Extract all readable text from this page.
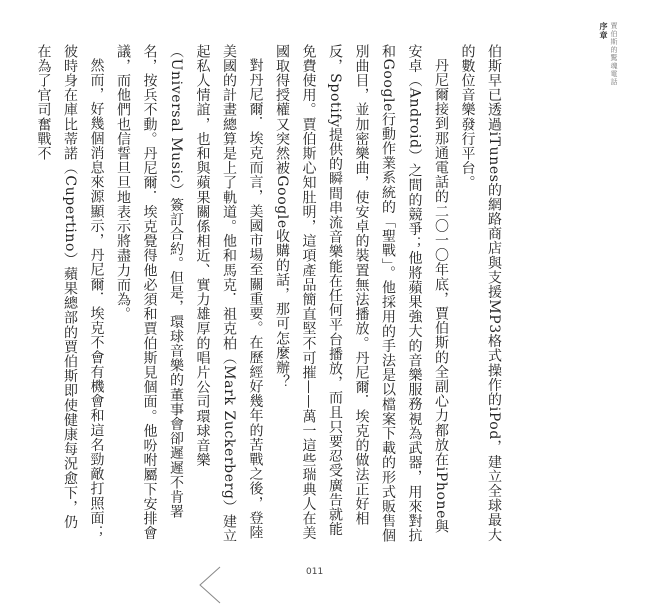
序章 賈伯斯的驚魂電話

伯斯早已透過iTunes的網路商店與支援MP3格式操作的iPod，建立全球最大的數位音樂發行平台。

丹尼爾接到那通電話的二〇一〇年底，賈伯斯的全副心力都放在iPhone與安卓（Android）之間的競爭；他將蘋果強大的音樂服務視為武器，用來對抗和Google行動作業系統的「聖戰」。他採用的手法是以檔案下載的形式販售個別曲目，並加密樂曲，使安卓的裝置無法播放。丹尼爾．埃克的做法正好相反，Spotify提供的瞬間串流音樂能在任何平台播放，而且只要忍受廣告就能免費使用。賈伯斯心知肚明，這項產品簡直堅不可摧——萬一這些瑞典人在美國取得授權又突然被Google收購的話，那可怎麼辦？

對丹尼爾．埃克而言，美國市場至關重要。在歷經好幾年的苦戰之後，登陸美國的計畫總算是上了軌道。他和馬克．祖克柏（Mark Zuckerberg）建立起私人情誼，也和與蘋果關係相近、實力雄厚的唱片公司環球音樂（Universal Music）簽訂合約。但是，環球音樂的董事會卻遲遲不肯署名，按兵不動。丹尼爾．埃克覺得他必須和賈伯斯見個面。他吩咐屬下安排會議，而他們也信誓旦旦地表示將盡力而為。

然而，好幾個消息來源顯示，丹尼爾．埃克不會有機會和這名勁敵打照面；彼時身在庫比蒂諾（Cupertino）蘋果總部的賈伯斯即使健康每況愈下，仍在為了官司奮戰不

011
